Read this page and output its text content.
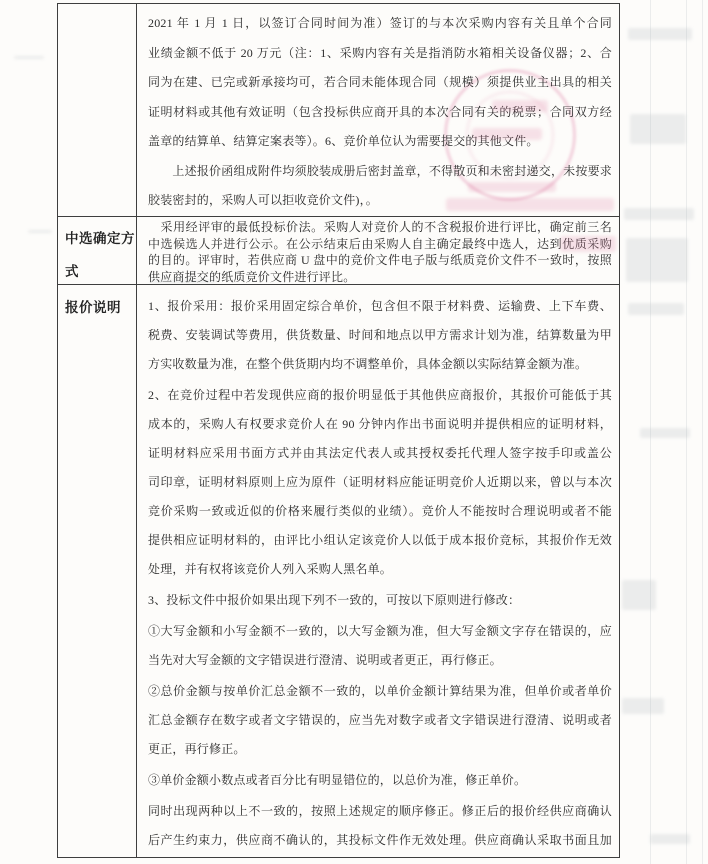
2021 年 1 月 1 日，以签订合同时间为准）签订的与本次采购内容有关且单个合同
业绩金额不低于 20 万元（注：1、采购内容有关是指消防水箱相关设备仪器；2、合
同为在建、已完或新承接均可，若合同未能体现合同（规模）须提供业主出具的相关
证明材料或其他有效证明（包含投标供应商开具的本次合同有关的税票；合同双方经
盖章的结算单、结算定案表等）。6、竞价单位认为需要提交的其他文件。
　　上述报价函组成附件均须胶装成册后密封盖章，不得散页和未密封递交，未按要求
胶装密封的，采购人可以拒收竞价文件)，。
中选确定方式
　采用经评审的最低投标价法。采购人对竞价人的不含税报价进行评比，确定前三名
中选候选人并进行公示。在公示结束后由采购人自主确定最终中选人，达到优质采购
的目的。评审时，若供应商 U 盘中的竞价文件电子版与纸质竞价文件不一致时，按照
供应商提交的纸质竞价文件进行评比。
报价说明	1、报价采用：报价采用固定综合单价，包含但不限于材料费、运输费、上下车费、
税费、安装调试等费用，供货数量、时间和地点以甲方需求计划为准，结算数量为甲
方实收数量为准，在整个供货期内均不调整单价，具体金额以实际结算金额为准。
2、在竞价过程中若发现供应商的报价明显低于其他供应商报价，其报价可能低于其
成本的，采购人有权要求竞价人在 90 分钟内作出书面说明并提供相应的证明材料，
证明材料应采用书面方式并由其法定代表人或其授权委托代理人签字按手印或盖公
司印章，证明材料原则上应为原件（证明材料应能证明竞价人近期以来，曾以与本次
竞价采购一致或近似的价格来履行类似的业绩）。竞价人不能按时合理说明或者不能
提供相应证明材料的，由评比小组认定该竞价人以低于成本报价竞标，其报价作无效
处理，并有权将该竞价人列入采购人黑名单。
3、投标文件中报价如果出现下列不一致的，可按以下原则进行修改：
①大写金额和小写金额不一致的，以大写金额为准，但大写金额文字存在错误的，应
当先对大写金额的文字错误进行澄清、说明或者更正，再行修正。
②总价金额与按单价汇总金额不一致的，以单价金额计算结果为准，但单价或者单价
汇总金额存在数字或者文字错误的，应当先对数字或者文字错误进行澄清、说明或者
更正，再行修正。
③单价金额小数点或者百分比有明显错位的，以总价为准，修正单价。
同时出现两种以上不一致的，按照上述规定的顺序修正。修正后的报价经供应商确认
后产生约束力，供应商不确认的，其投标文件作无效处理。供应商确认采取书面且加
